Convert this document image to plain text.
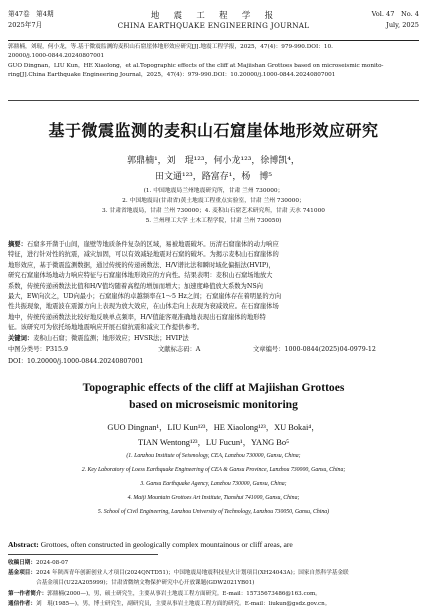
第47卷　第4期
2025年7月
地　震　工　程　学　报
CHINA EARTHQUAKE ENGINEERING JOURNAL
Vol. 47　No. 4
July, 2025
郭鼎楠，刘琨，何小龙，等.基于微震监测的麦积山石窟崖体地形效应研究[J].地震工程学报，2025，47(4)：979-990.DOI：10.
20000/j.1000-0844.20240807001
GUO Dingnan，LIU Kun，HE Xiaolong，et al.Topographic effects of the cliff at Majiishan Grottoes based on microseismic monito-
ring[J].China Earthquake Engineering Journal，2025，47(4)：979-990.DOI：10.20000/j.1000-0844.20240807001
基于微震监测的麦积山石窟崖体地形效应研究
郭鼎楠¹，刘　琨¹²³，何小龙¹²³，徐博凯⁴，
田文通¹²³，路富存¹，杨　博⁵
(1. 中国地震局兰州地震研究所，甘肃 兰州 730000；
2. 中国地震局(甘肃省)黄土地震工程重点实验室，甘肃 兰州 730000；
3. 甘肃省地震局，甘肃 兰州 730000；4. 麦积山石窟艺术研究所，甘肃 天水 741000
5. 兰州理工大学 土木工程学院，甘肃 兰州 730050)
摘要：石窟多开凿于山间，崖壁等地质条件复杂的区域，易被地震破坏。历清石窟崖体的动力响应
特征，进行针对性的抗震，减灾加固，可以有效减轻地震对石窟的破坏。为揭示麦积山石窟崖体的
地形效应，基于微震监测数据，通过传统的传递函数法、H/V谱比法和瞬时域化偏振法(HVIP)，
研究石窟崖体场地动力响应特征与石窟崖体地形效应的方向性。结果表明：麦积山石窟场地放大
系数，传统传递函数法比值和H/V值均随着高程的增加而增大；加速度峰值放大系数为NS向
最大，EW向次之，UD向最小；石窟崖体的卓越频率在1～5 Hz之间；石窟崖体存在着明显的方向
性共振现象，地震波在震源方向上表现为放大效应，在山体走向上表现为衰减效应。在石窟崖体场
地中，传统传递函数法比较好地反映单点频率，H/V值能客观准确地表现出石窟崖体的地形特
征。该研究可为依托场地地震响应开展石窟抗震和减灾工作提供参考。
关键词：麦积山石窟；微震监测；地形效应；HVSR法；HVIP法
中图分类号：P315.9	文献标志码：A	文章编号：1000-0844(2025)04-0979-12
DOI：10.20000/j.1000-0844.20240807001
Topographic effects of the cliff at Majiishan Grottoes
based on microseismic monitoring
GUO Dingnan¹，LIU Kun¹²³，HE Xiaolong¹²³，XU Bokai⁴，
TIAN Wentong¹²³，LU Fucun¹，YANG Bo⁵
(1. Lanzhou Institute of Seismology, CEA, Lanzhou 730000, Gansu, China;
2. Key Laboratory of Loess Earthquake Engineering of CEA & Gansu Province, Lanzhou 730000, Gansu, China;
3. Gansu Earthquake Agency, Lanzhou 730000, Gansu, China;
4. Maiji Mountain Grottoes Art Institute, Tianshui 741000, Gansu, China;
5. School of Civil Engineering, Lanzhou University of Technology, Lanzhou 730050, Gansu, China)
Abstract: Grottoes, often constructed in geologically complex mountainous or cliff areas, are
收稿日期：2024-08-07
基金项目：2024 年陕西青年创新创业人才项目(2024QNTD51)；中国地震局地震科技星火计划项目(XH24043A)；国家自然科学基金联
合基金项目(U22A205999)；甘肃省微纳文物保护研究中心开放课题(GDW2021YB01)
第一作者简介：郭鼎楠(2000—)，男，硕士研究生，主要从事岩土地震工程方面研究。E-mail：15735673486@163.com。
通信作者：刘　琨(1985—)，男，博士研究生，副研究员，主要从事岩土地震工程方面的研究。E-mail：liukun@gsdz.gov.cn。
